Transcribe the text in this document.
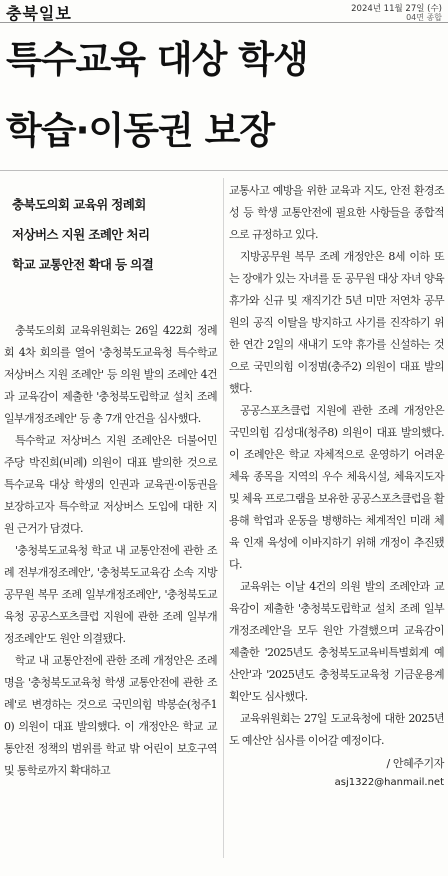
충북일보	2024년 11월 27일 (수)
04면 종합
특수교육 대상 학생
학습·이동권 보장
충북도의회 교육위 정례회
저상버스 지원 조례안 처리
학교 교통안전 확대 등 의결

충북도의회 교육위원회는 26일 422회 정례회 4차 회의를 열어 '충청북도교육청 특수학교 저상버스 지원 조례안' 등 의원 발의 조례안 4건과 교육감이 제출한 '충청북도립학교 설치 조례 일부개정조례안' 등 총 7개 안건을 심사했다.

특수학교 저상버스 지원 조례안은 더불어민주당 박진희(비례) 의원이 대표 발의한 것으로 특수교육 대상 학생의 인권과 교육권·이동권을 보장하고자 특수학교 저상버스 도입에 대한 지원 근거가 담겼다.

'충청북도교육청 학교 내 교통안전에 관한 조례 전부개정조례안', '충청북도교육감 소속 지방공무원 복무 조례 일부개정조례안', '충청북도교육청 공공스포츠클럽 지원에 관한 조례 일부개정조례안'도 원안 의결됐다.

학교 내 교통안전에 관한 조례 개정안은 조례명을 '충청북도교육청 학생 교통안전에 관한 조례'로 변경하는 것으로 국민의힘 박봉순(청주10) 의원이 대표 발의했다. 이 개정안은 학교 교통안전 정책의 범위를 학교 밖 어린이 보호구역 및 통학로까지 확대하고

교통사고 예방을 위한 교육과 지도, 안전 환경조성 등 학생 교통안전에 필요한 사항들을 종합적으로 규정하고 있다.

지방공무원 복무 조례 개정안은 8세 이하 또는 장애가 있는 자녀를 둔 공무원 대상 자녀 양육휴가와 신규 및 재직기간 5년 미만 저연차 공무원의 공직 이탈을 방지하고 사기를 진작하기 위한 연간 2일의 새내기 도약 휴가를 신설하는 것으로 국민의힘 이정범(충주2) 의원이 대표 발의했다.

공공스포츠클럽 지원에 관한 조례 개정안은 국민의힘 김성대(청주8) 의원이 대표 발의했다. 이 조례안은 학교 자체적으로 운영하기 어려운 체육 종목을 지역의 우수 체육시설, 체육지도자 및 체육 프로그램을 보유한 공공스포츠클럽을 활용해 학업과 운동을 병행하는 체계적인 미래 체육 인재 육성에 이바지하기 위해 개정이 추진됐다.

교육위는 이날 4건의 의원 발의 조례안과 교육감이 제출한 '충청북도립학교 설치 조례 일부개정조례안'을 모두 원안 가결했으며 교육감이 제출한 '2025년도 충청북도교육비특별회계 예산안'과 '2025년도 충청북도교육청 기금운용계획안'도 심사했다.

교육위원회는 27일 도교육청에 대한 2025년도 예산안 심사를 이어갈 예정이다.

/ 안혜주기자
asj1322@hanmail.net
